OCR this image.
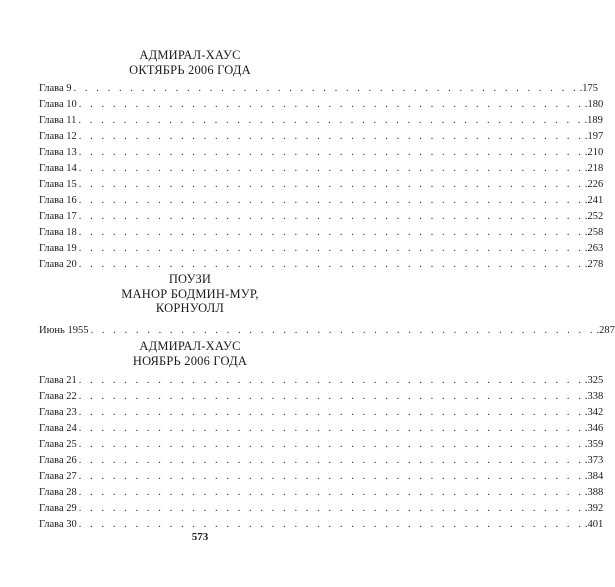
АДМИРАЛ-ХАУС
ОКТЯБРЬ 2006 ГОДА
Глава 9 . . . . . . . . . . . . . . . . . . . . . . . . . . . . . . . . . . . . . . . . . . . . . .175
Глава 10 . . . . . . . . . . . . . . . . . . . . . . . . . . . . . . . . . . . . . . . . . . . . . .180
Глава 11 . . . . . . . . . . . . . . . . . . . . . . . . . . . . . . . . . . . . . . . . . . . . . .189
Глава 12 . . . . . . . . . . . . . . . . . . . . . . . . . . . . . . . . . . . . . . . . . . . . . .197
Глава 13 . . . . . . . . . . . . . . . . . . . . . . . . . . . . . . . . . . . . . . . . . . . . . .210
Глава 14 . . . . . . . . . . . . . . . . . . . . . . . . . . . . . . . . . . . . . . . . . . . . . .218
Глава 15 . . . . . . . . . . . . . . . . . . . . . . . . . . . . . . . . . . . . . . . . . . . . . .226
Глава 16 . . . . . . . . . . . . . . . . . . . . . . . . . . . . . . . . . . . . . . . . . . . . . .241
Глава 17 . . . . . . . . . . . . . . . . . . . . . . . . . . . . . . . . . . . . . . . . . . . . . .252
Глава 18 . . . . . . . . . . . . . . . . . . . . . . . . . . . . . . . . . . . . . . . . . . . . . .258
Глава 19 . . . . . . . . . . . . . . . . . . . . . . . . . . . . . . . . . . . . . . . . . . . . . .263
Глава 20 . . . . . . . . . . . . . . . . . . . . . . . . . . . . . . . . . . . . . . . . . . . . . .278
ПОУЗИ
МАНОР БОДМИН-МУР,
КОРНУОЛЛ
Июнь 1955 . . . . . . . . . . . . . . . . . . . . . . . . . . . . . . . . . . . . . . . . . . . . . .287
АДМИРАЛ-ХАУС
НОЯБРЬ 2006 ГОДА
Глава 21 . . . . . . . . . . . . . . . . . . . . . . . . . . . . . . . . . . . . . . . . . . . . . .325
Глава 22 . . . . . . . . . . . . . . . . . . . . . . . . . . . . . . . . . . . . . . . . . . . . . .338
Глава 23 . . . . . . . . . . . . . . . . . . . . . . . . . . . . . . . . . . . . . . . . . . . . . .342
Глава 24 . . . . . . . . . . . . . . . . . . . . . . . . . . . . . . . . . . . . . . . . . . . . . .346
Глава 25 . . . . . . . . . . . . . . . . . . . . . . . . . . . . . . . . . . . . . . . . . . . . . .359
Глава 26 . . . . . . . . . . . . . . . . . . . . . . . . . . . . . . . . . . . . . . . . . . . . . .373
Глава 27 . . . . . . . . . . . . . . . . . . . . . . . . . . . . . . . . . . . . . . . . . . . . . .384
Глава 28 . . . . . . . . . . . . . . . . . . . . . . . . . . . . . . . . . . . . . . . . . . . . . .388
Глава 29 . . . . . . . . . . . . . . . . . . . . . . . . . . . . . . . . . . . . . . . . . . . . . .392
Глава 30 . . . . . . . . . . . . . . . . . . . . . . . . . . . . . . . . . . . . . . . . . . . . . .401
573
